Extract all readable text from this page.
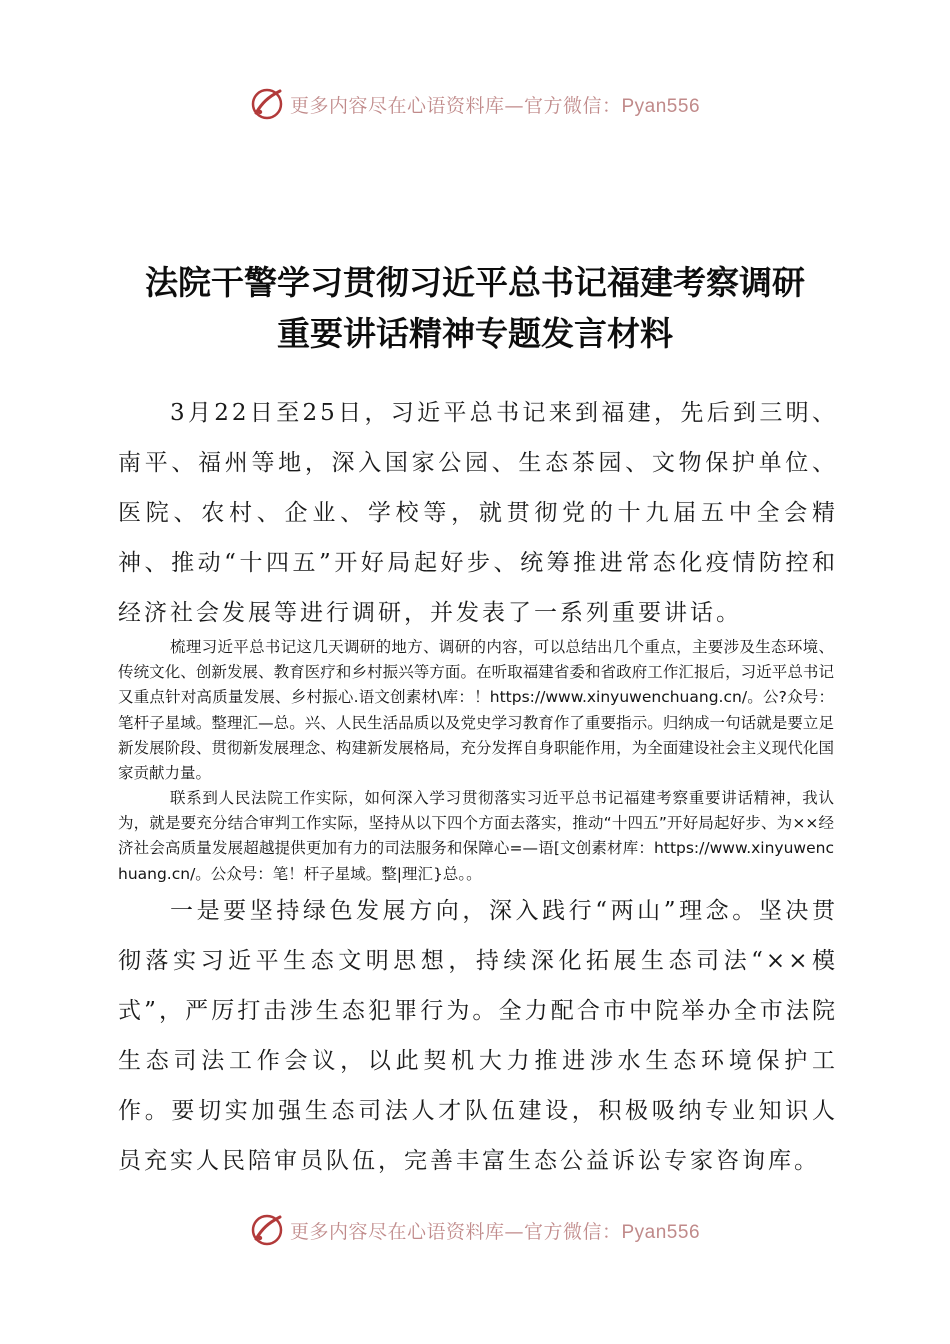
更多内容尽在心语资料库—官方微信：Pyan556
法院干警学习贯彻习近平总书记福建考察调研
重要讲话精神专题发言材料
3月22日至25日，习近平总书记来到福建，先后到三明、南平、福州等地，深入国家公园、生态茶园、文物保护单位、医院、农村、企业、学校等，就贯彻党的十九届五中全会精神、推动“十四五”开好局起好步、统筹推进常态化疫情防控和经济社会发展等进行调研，并发表了一系列重要讲话。
梳理习近平总书记这几天调研的地方、调研的内容，可以总结出几个重点，主要涉及生态环境、传统文化、创新发展、教育医疗和乡村振兴等方面。在听取福建省委和省政府工作汇报后，习近平总书记又重点针对高质量发展、乡村振心.语文创素材\库：！https://www.xinyuwenchuang.cn/。公?众号：笔杆子星域。整理汇—总。兴、人民生活品质以及党史学习教育作了重要指示。归纳成一句话就是要立足新发展阶段、贯彻新发展理念、构建新发展格局，充分发挥自身职能作用，为全面建设社会主义现代化国家贡献力量。
联系到人民法院工作实际，如何深入学习贯彻落实习近平总书记福建考察重要讲话精神，我认为，就是要充分结合审判工作实际，坚持从以下四个方面去落实，推动“十四五”开好局起好步、为××经济社会高质量发展超越提供更加有力的司法服务和保障心=—语[文创素材库：https://www.xinyuwenchuang.cn/。公众号：笔！杆子星域。整|理汇}总。。
一是要坚持绿色发展方向，深入践行“两山”理念。坚决贯彻落实习近平生态文明思想，持续深化拓展生态司法“××模式”，严厉打击涉生态犯罪行为。全力配合市中院举办全市法院生态司法工作会议，以此契机大力推进涉水生态环境保护工作。要切实加强生态司法人才队伍建设，积极吸纳专业知识人员充实人民陪审员队伍，完善丰富生态公益诉讼专家咨询库。
更多内容尽在心语资料库—官方微信：Pyan556
